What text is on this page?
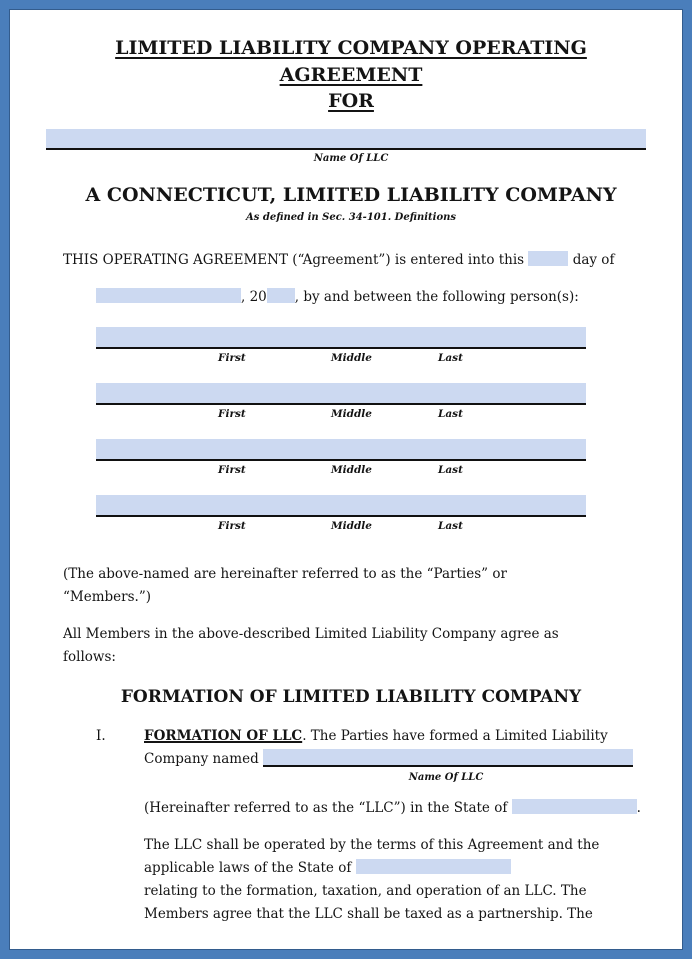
LIMITED LIABILITY COMPANY OPERATING AGREEMENT
FOR
Name Of LLC
A CONNECTICUT, LIMITED LIABILITY COMPANY
As defined in Sec. 34-101. Definitions
THIS OPERATING AGREEMENT (“Agreement”) is entered into this	day of
, 20 , by and between the following person(s):
First	Middle	Last
First	Middle	Last
First	Middle	Last
First	Middle	Last
(The above-named are hereinafter referred to as the “Parties” or
“Members.”)
All Members in the above-described Limited Liability Company agree as
follows:
FORMATION OF LIMITED LIABILITY COMPANY
I.	FORMATION OF LLC. The Parties have formed a Limited Liability
Company named
Name Of LLC
(Hereinafter referred to as the “LLC”) in the State of	.
The LLC shall be operated by the terms of this Agreement and the
applicable laws of the State of
relating to the formation, taxation, and operation of an LLC. The
Members agree that the LLC shall be taxed as a partnership. The
